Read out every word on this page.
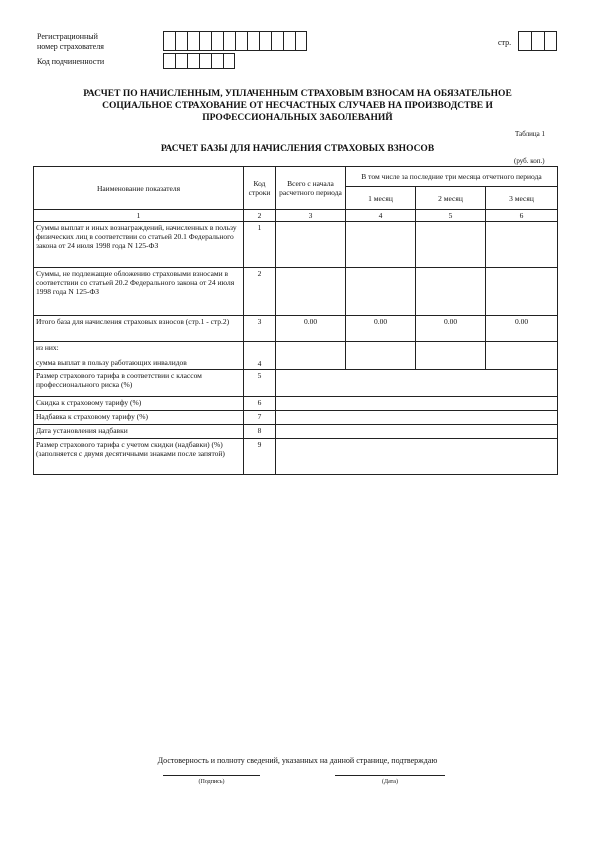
Регистрационный
номер страхователя
Код подчиненности
стр.
РАСЧЕТ ПО НАЧИСЛЕННЫМ, УПЛАЧЕННЫМ СТРАХОВЫМ ВЗНОСАМ НА ОБЯЗАТЕЛЬНОЕ
СОЦИАЛЬНОЕ СТРАХОВАНИЕ ОТ НЕСЧАСТНЫХ СЛУЧАЕВ НА ПРОИЗВОДСТВЕ И
ПРОФЕССИОНАЛЬНЫХ ЗАБОЛЕВАНИЙ
Таблица 1
РАСЧЕТ БАЗЫ ДЛЯ НАЧИСЛЕНИЯ СТРАХОВЫХ ВЗНОСОВ
(руб. коп.)
Наименование показателя	Код строки	Всего с начала расчетного периода	В том числе за последние три месяца отчетного периода		
			1 месяц	2 месяц	3 месяц
1	2	3	4	5	6
Суммы выплат и иных вознаграждений, начисленных в пользу физических лиц в соответствии со статьей 20.1 Федерального закона от 24 июля 1998 года N 125-ФЗ	1				
Суммы, не подлежащие обложению страховыми взносами в соответствии со статьей 20.2 Федерального закона от 24 июля 1998 года N 125-ФЗ	2				
Итого база для начисления страховых взносов (стр.1 - стр.2)	3	0.00	0.00	0.00	0.00

из них:
сумма выплат в пользу работающих инвалидов	4				
Размер страхового тарифа в соответствии с классом профессионального риска (%)	5				
Скидка к страховому тарифу (%)	6				
Надбавка к страховому тарифу (%)	7				
Дата установления надбавки	8				
Размер страхового тарифа с учетом скидки (надбавки) (%) (заполняется с двумя десятичными знаками после запятой)	9				
Достоверность и полноту сведений, указанных на данной странице, подтверждаю
(Подпись)	(Дата)
